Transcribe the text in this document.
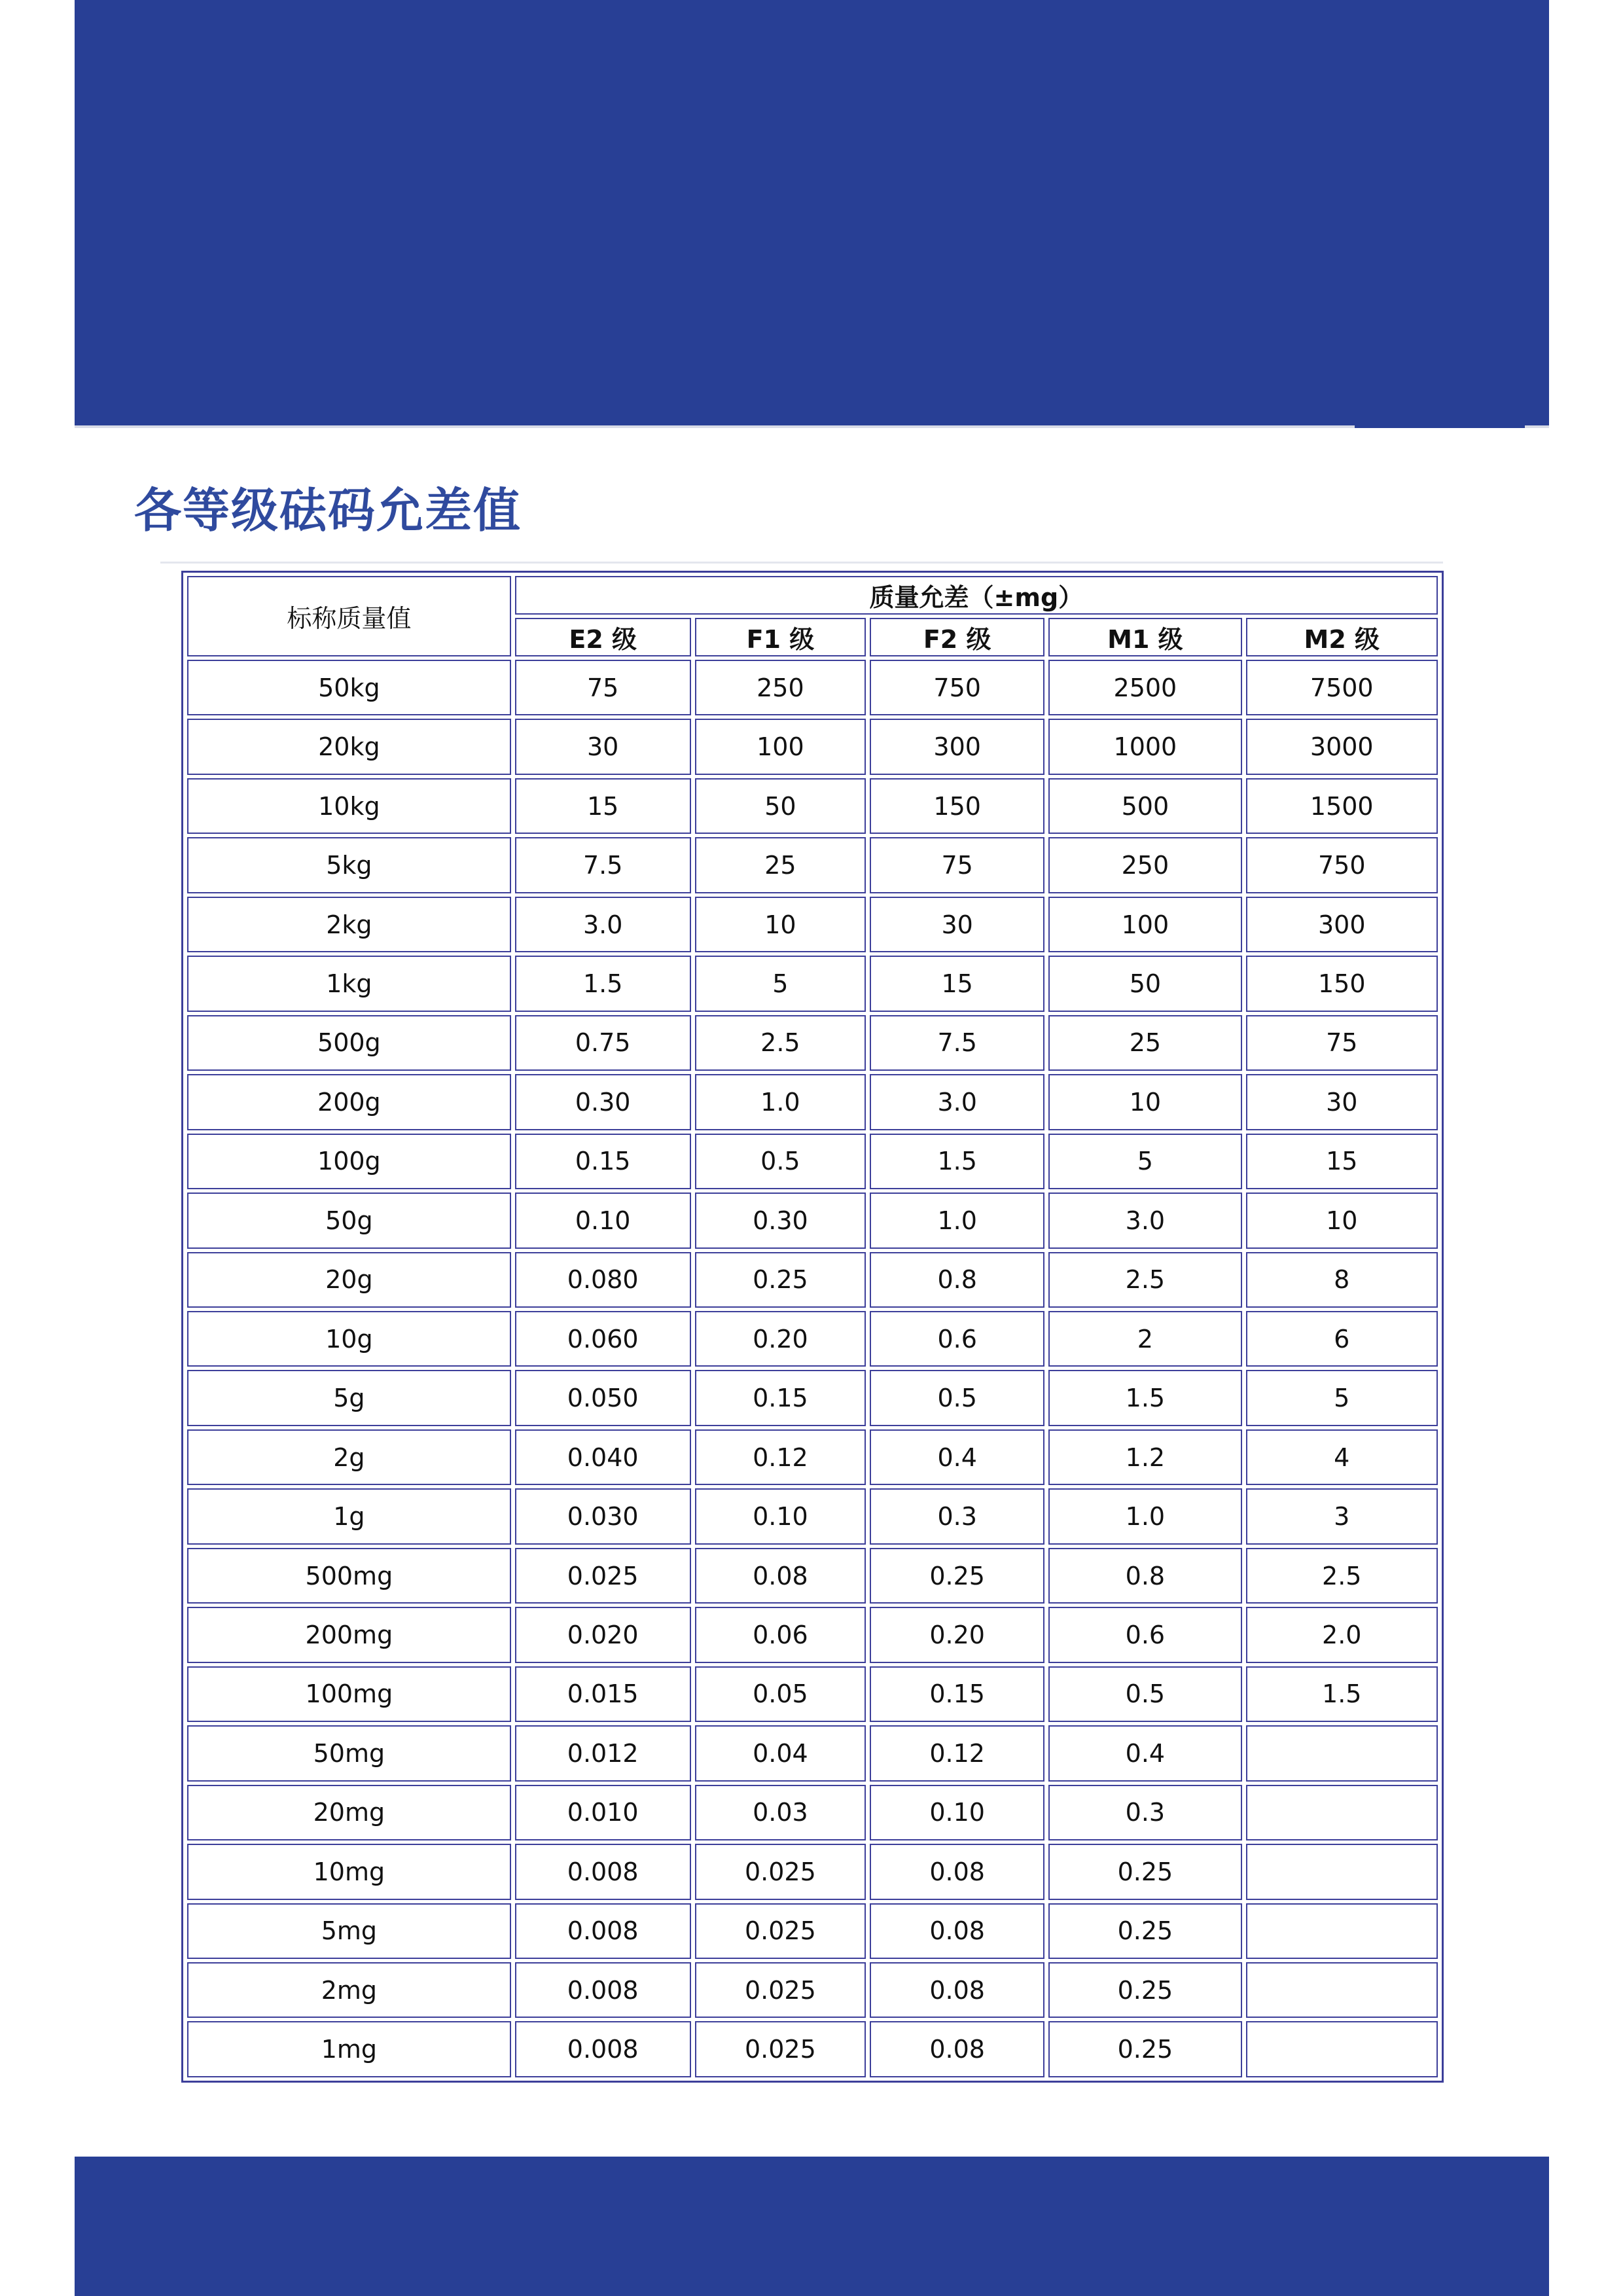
各等级砝码允差值
标称质量值	质量允差（±mg）				
	E2 级	F1 级	F2 级	M1 级	M2 级
50kg	75	250	750	2500	7500
20kg	30	100	300	1000	3000
10kg	15	50	150	500	1500
5kg	7.5	25	75	250	750
2kg	3.0	10	30	100	300
1kg	1.5	5	15	50	150
500g	0.75	2.5	7.5	25	75
200g	0.30	1.0	3.0	10	30
100g	0.15	0.5	1.5	5	15
50g	0.10	0.30	1.0	3.0	10
20g	0.080	0.25	0.8	2.5	8
10g	0.060	0.20	0.6	2	6
5g	0.050	0.15	0.5	1.5	5
2g	0.040	0.12	0.4	1.2	4
1g	0.030	0.10	0.3	1.0	3
500mg	0.025	0.08	0.25	0.8	2.5
200mg	0.020	0.06	0.20	0.6	2.0
100mg	0.015	0.05	0.15	0.5	1.5
50mg	0.012	0.04	0.12	0.4	
20mg	0.010	0.03	0.10	0.3	
10mg	0.008	0.025	0.08	0.25	
5mg	0.008	0.025	0.08	0.25	
2mg	0.008	0.025	0.08	0.25	
1mg	0.008	0.025	0.08	0.25	
